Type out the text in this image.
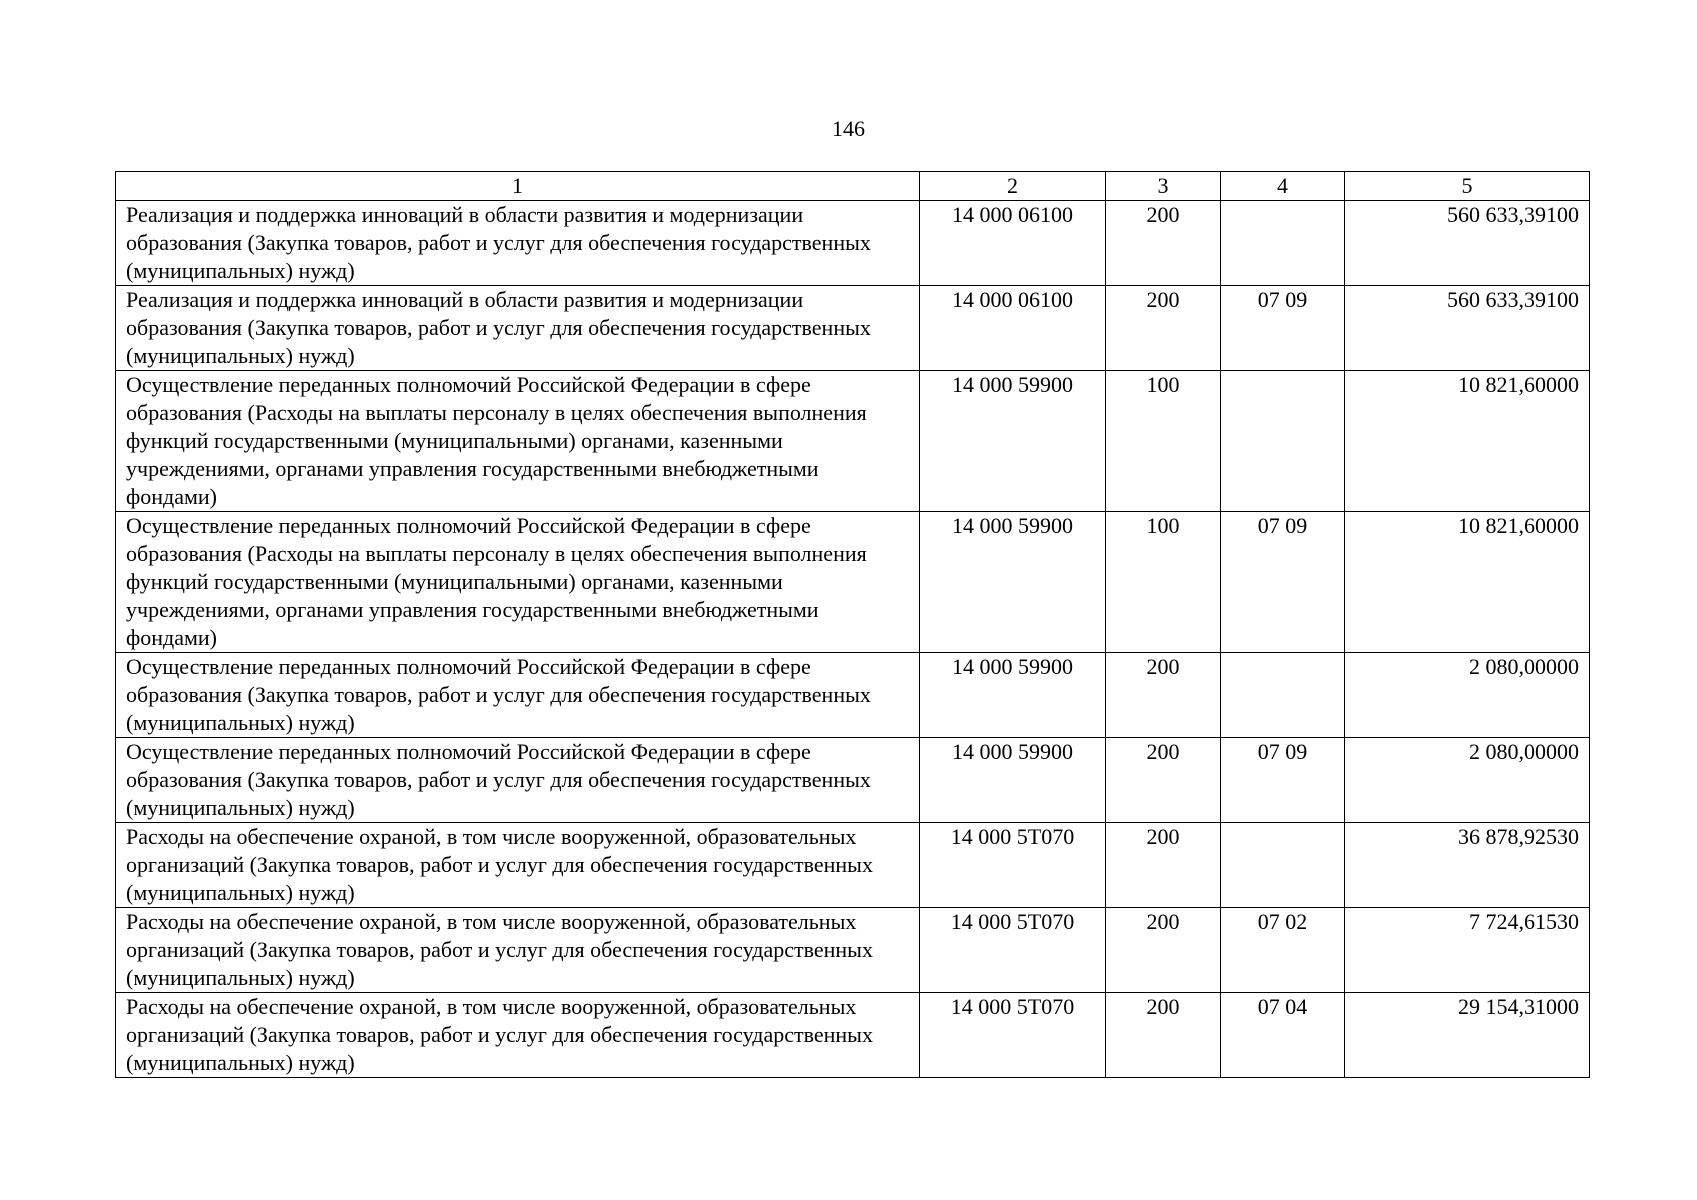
146
1	2	3	4	5
Реализация и поддержка инноваций в области развития и модернизации образования (Закупка товаров, работ и услуг для обеспечения государственных (муниципальных) нужд)	14 000 06100	200		560 633,39100
Реализация и поддержка инноваций в области развития и модернизации образования (Закупка товаров, работ и услуг для обеспечения государственных (муниципальных) нужд)	14 000 06100	200	07 09	560 633,39100
Осуществление переданных полномочий Российской Федерации в сфере образования (Расходы на выплаты персоналу в целях обеспечения выполнения функций государственными (муниципальными) органами, казенными учреждениями, органами управления государственными внебюджетными фондами)	14 000 59900	100		10 821,60000
Осуществление переданных полномочий Российской Федерации в сфере образования (Расходы на выплаты персоналу в целях обеспечения выполнения функций государственными (муниципальными) органами, казенными учреждениями, органами управления государственными внебюджетными фондами)	14 000 59900	100	07 09	10 821,60000
Осуществление переданных полномочий Российской Федерации в сфере образования (Закупка товаров, работ и услуг для обеспечения государственных (муниципальных) нужд)	14 000 59900	200		2 080,00000
Осуществление переданных полномочий Российской Федерации в сфере образования (Закупка товаров, работ и услуг для обеспечения государственных (муниципальных) нужд)	14 000 59900	200	07 09	2 080,00000
Расходы на обеспечение охраной, в том числе вооруженной, образовательных организаций (Закупка товаров, работ и услуг для обеспечения государственных (муниципальных) нужд)	14 000 5Т070	200		36 878,92530
Расходы на обеспечение охраной, в том числе вооруженной, образовательных организаций (Закупка товаров, работ и услуг для обеспечения государственных (муниципальных) нужд)	14 000 5Т070	200	07 02	7 724,61530
Расходы на обеспечение охраной, в том числе вооруженной, образовательных организаций (Закупка товаров, работ и услуг для обеспечения государственных (муниципальных) нужд)	14 000 5Т070	200	07 04	29 154,31000
